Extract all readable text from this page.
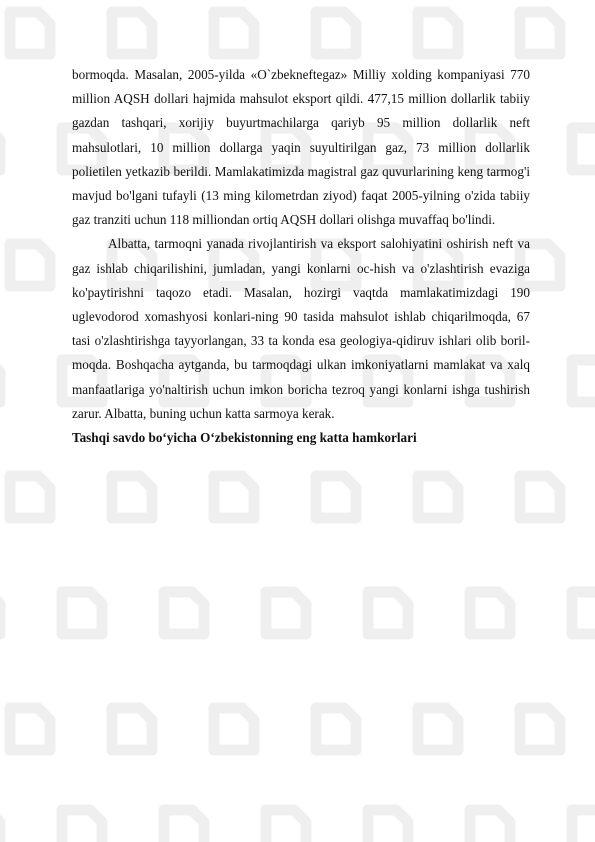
bormoqda. Masalan, 2005-yilda «O`zbekneftegaz» Milliy xolding kompaniyasi 770 million AQSH dollari hajmida mahsulot eksport qildi. 477,15 million dollarlik tabiiy gazdan tashqari, xorijiy buyurtmachilarga qariyb 95 million dollarlik neft mahsulotlari, 10 million dollarga yaqin suyultirilgan gaz, 73 million dollarlik polietilen yetkazib berildi. Mamlakatimizda magistral gaz quvurlarining keng tarmog'i mavjud bo'lgani tufayli (13 ming kilometrdan ziyod) faqat 2005-yilning o'zida tabiiy gaz tranziti uchun 118 milliondan ortiq AQSH dollari olishga muvaffaq bo'lindi.

Albatta, tarmoqni yanada rivojlantirish va eksport salohiyatini oshirish neft va gaz ishlab chiqarilishini, jumladan, yangi konlarni oc-hish va o'zlashtirish evaziga ko'paytirishni taqozo etadi. Masalan, hozirgi vaqtda mamlakatimizdagi 190 uglevodorod xomashyosi konlari-ning 90 tasida mahsulot ishlab chiqarilmoqda, 67 tasi o'zlashtirishga tayyorlangan, 33 ta konda esa geologiya-qidiruv ishlari olib boril-moqda. Boshqacha aytganda, bu tarmoqdagi ulkan imkoniyatlarni mamlakat va xalq manfaatlariga yo'naltirish uchun imkon boricha tezroq yangi konlarni ishga tushirish zarur. Albatta, buning uchun katta sarmoya kerak.

Tashqi savdo bo‘yicha O‘zbekistonning eng katta hamkorlari
